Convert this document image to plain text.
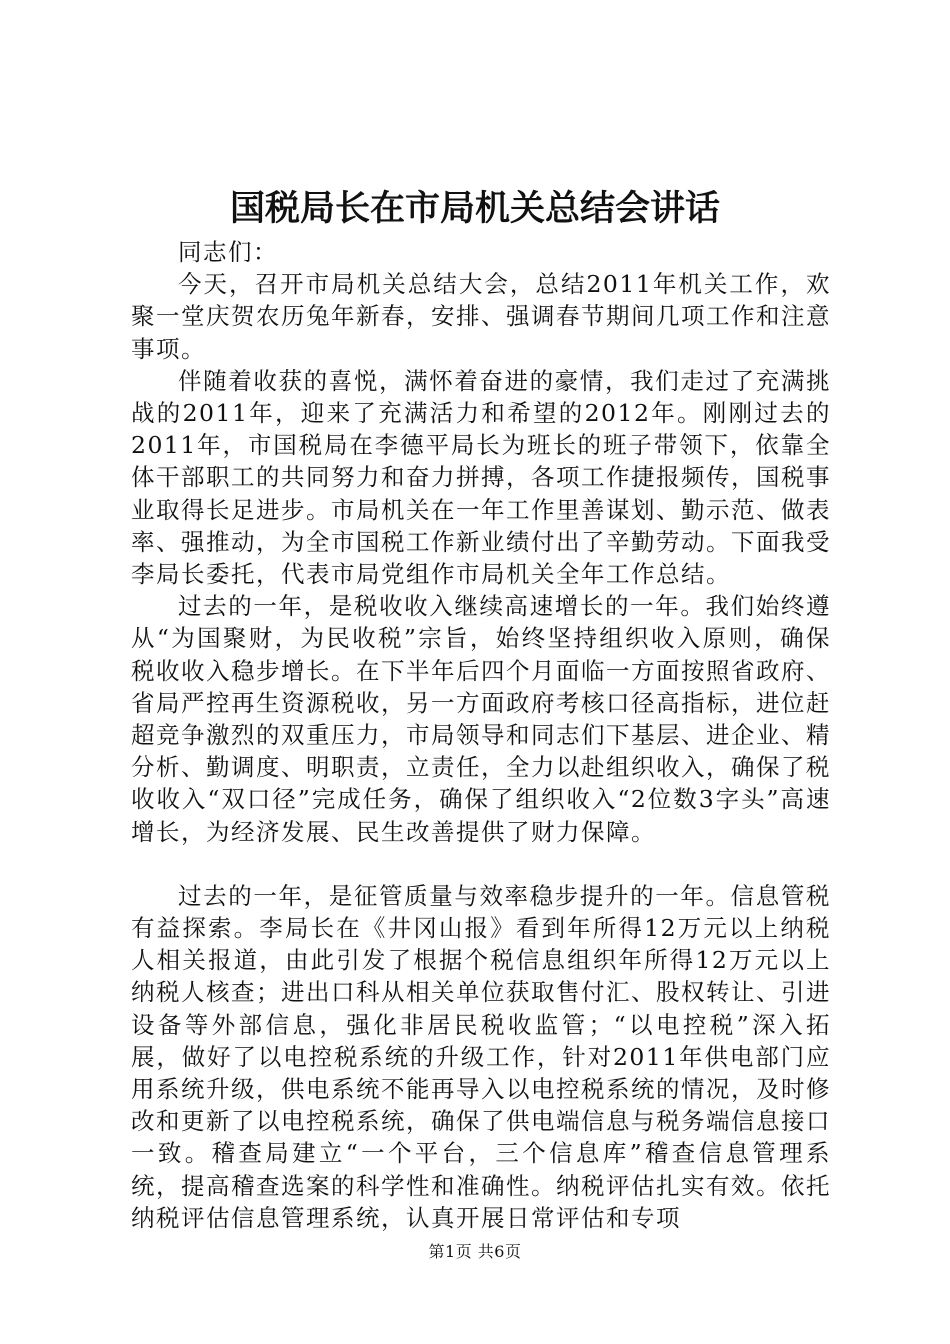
国税局长在市局机关总结会讲话

同志们：

今天，召开市局机关总结大会，总结2011年机关工作，欢聚一堂庆贺农历兔年新春，安排、强调春节期间几项工作和注意事项。

伴随着收获的喜悦，满怀着奋进的豪情，我们走过了充满挑战的2011年，迎来了充满活力和希望的2012年。刚刚过去的2011年，市国税局在李德平局长为班长的班子带领下，依靠全体干部职工的共同努力和奋力拼搏，各项工作捷报频传，国税事业取得长足进步。市局机关在一年工作里善谋划、勤示范、做表率、强推动，为全市国税工作新业绩付出了辛勤劳动。下面我受李局长委托，代表市局党组作市局机关全年工作总结。

过去的一年，是税收收入继续高速增长的一年。我们始终遵从“为国聚财，为民收税”宗旨，始终坚持组织收入原则，确保税收收入稳步增长。在下半年后四个月面临一方面按照省政府、省局严控再生资源税收，另一方面政府考核口径高指标，进位赶超竞争激烈的双重压力，市局领导和同志们下基层、进企业、精分析、勤调度、明职责，立责任，全力以赴组织收入，确保了税收收入“双口径”完成任务，确保了组织收入“2位数3字头”高速增长，为经济发展、民生改善提供了财力保障。

过去的一年，是征管质量与效率稳步提升的一年。信息管税有益探索。李局长在《井冈山报》看到年所得12万元以上纳税人相关报道，由此引发了根据个税信息组织年所得12万元以上纳税人核查；进出口科从相关单位获取售付汇、股权转让、引进设备等外部信息，强化非居民税收监管；“以电控税”深入拓展，做好了以电控税系统的升级工作，针对2011年供电部门应用系统升级，供电系统不能再导入以电控税系统的情况，及时修改和更新了以电控税系统，确保了供电端信息与税务端信息接口一致。稽查局建立“一个平台，三个信息库”稽查信息管理系统，提高稽查选案的科学性和准确性。纳税评估扎实有效。依托纳税评估信息管理系统，认真开展日常评估和专项

第1页 共6页
